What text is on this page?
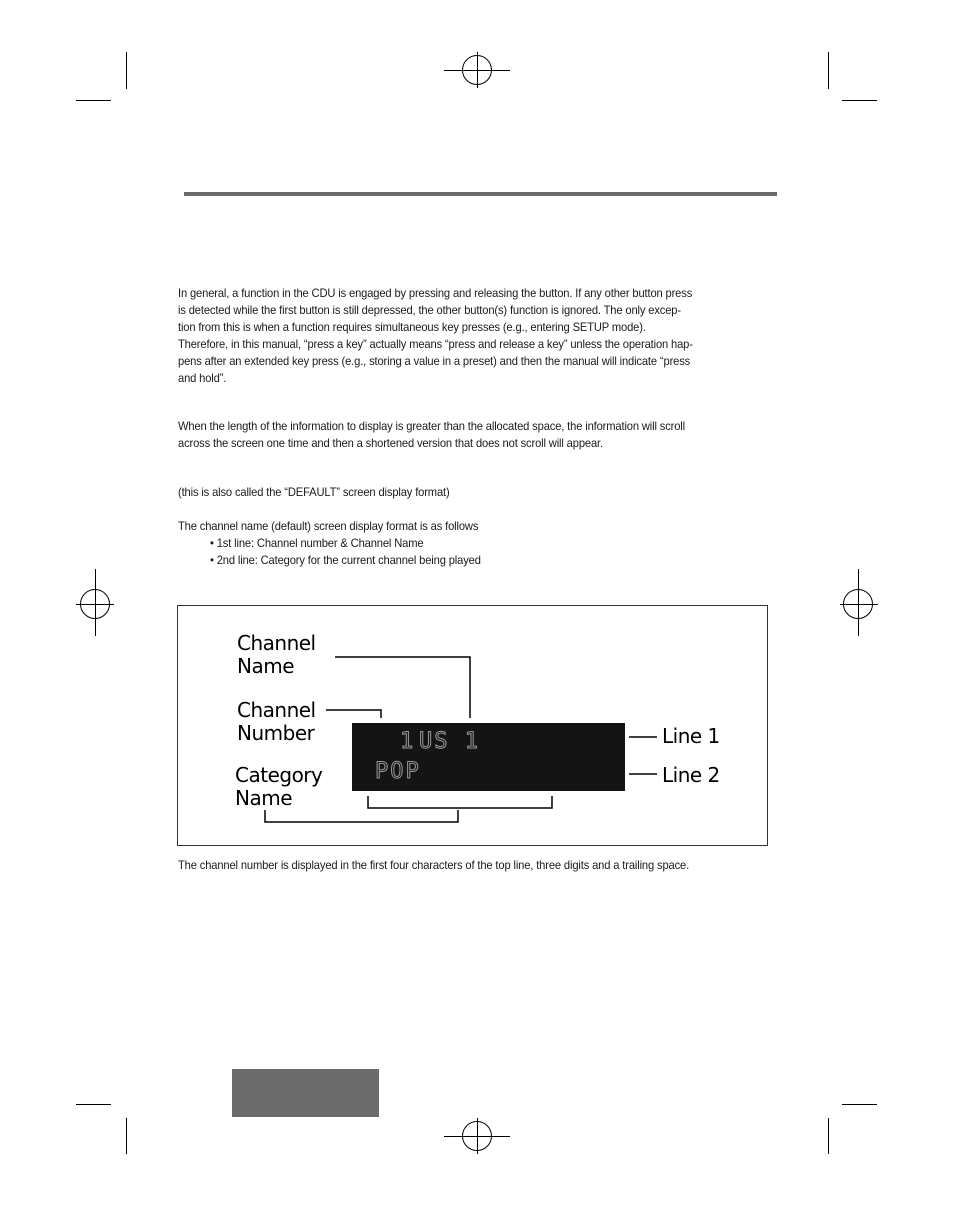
In general, a function in the CDU is engaged by pressing and releasing the button. If any other button press
is detected while the first button is still depressed, the other button(s) function is ignored. The only excep-
tion from this is when a function requires simultaneous key presses (e.g., entering SETUP mode).
Therefore, in this manual, “press a key” actually means “press and release a key” unless the operation hap-
pens after an extended key press (e.g., storing a value in a preset) and then the manual will indicate “press
and hold”.

When the length of the information to display is greater than the allocated space, the information will scroll
across the screen one time and then a shortened version that does not scroll will appear.

(this is also called the “DEFAULT” screen display format)

The channel name (default) screen display format is as follows

• 1st line: Channel number & Channel Name
• 2nd line: Category for the current channel being played

Channel
Name
Channel
Number
Category
Name
Line 1
Line 2
1 US 1
POP

The channel number is displayed in the first four characters of the top line, three digits and a trailing space.
